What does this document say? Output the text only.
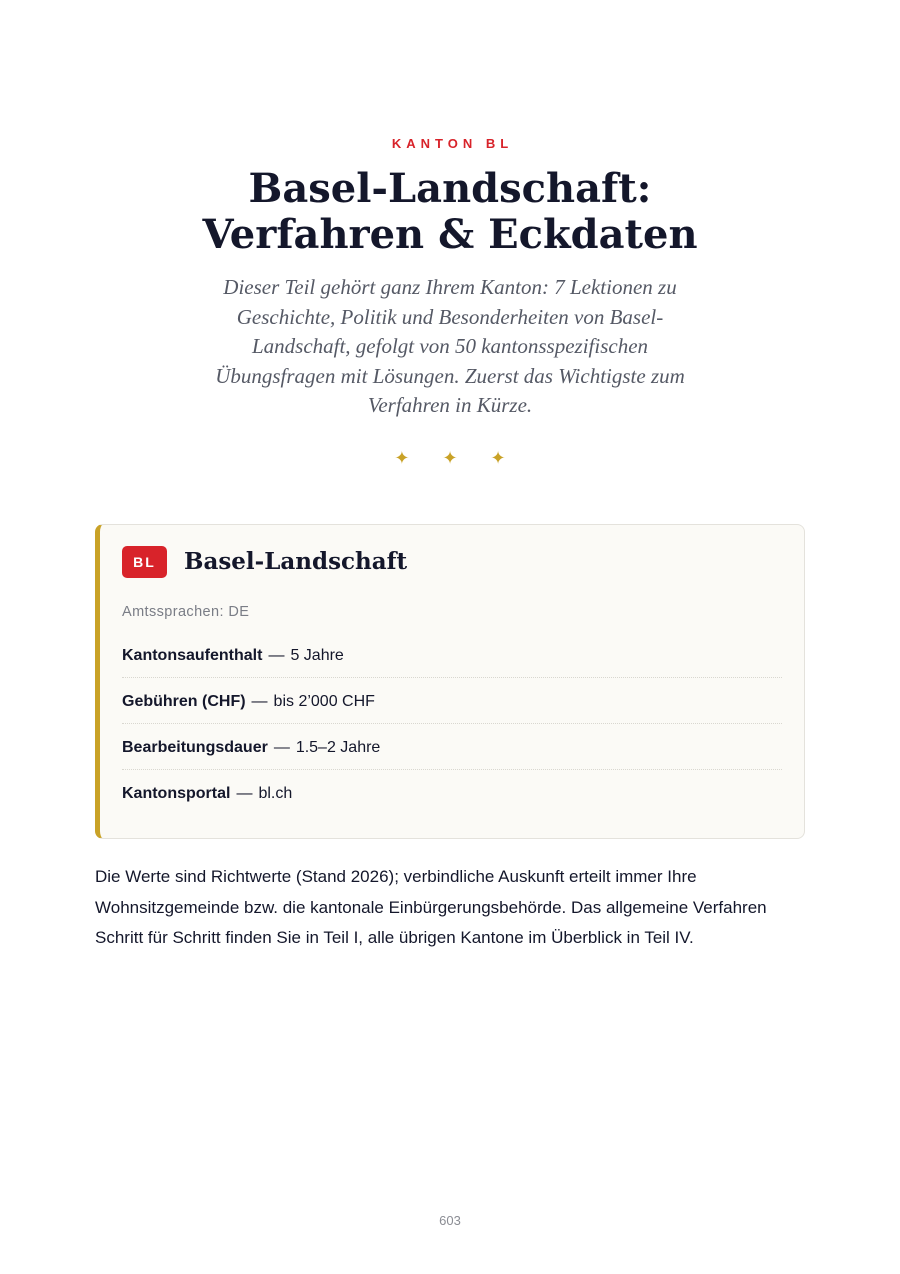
KANTON BL
Basel-Landschaft:
Verfahren & Eckdaten

Dieser Teil gehört ganz Ihrem Kanton: 7 Lektionen zu Geschichte, Politik und Besonderheiten von Basel-Landschaft, gefolgt von 50 kantonsspezifischen Übungsfragen mit Lösungen. Zuerst das Wichtigste zum Verfahren in Kürze.

✦ ✦ ✦
BL	Basel-Landschaft
Amtssprachen: DE
Kantonsaufenthalt — 5 Jahre
Gebühren (CHF) — bis 2’000 CHF
Bearbeitungsdauer — 1.5–2 Jahre
Kantonsportal — bl.ch

Die Werte sind Richtwerte (Stand 2026); verbindliche Auskunft erteilt immer Ihre Wohnsitzgemeinde bzw. die kantonale Einbürgerungsbehörde. Das allgemeine Verfahren Schritt für Schritt finden Sie in Teil I, alle übrigen Kantone im Überblick in Teil IV.

603
